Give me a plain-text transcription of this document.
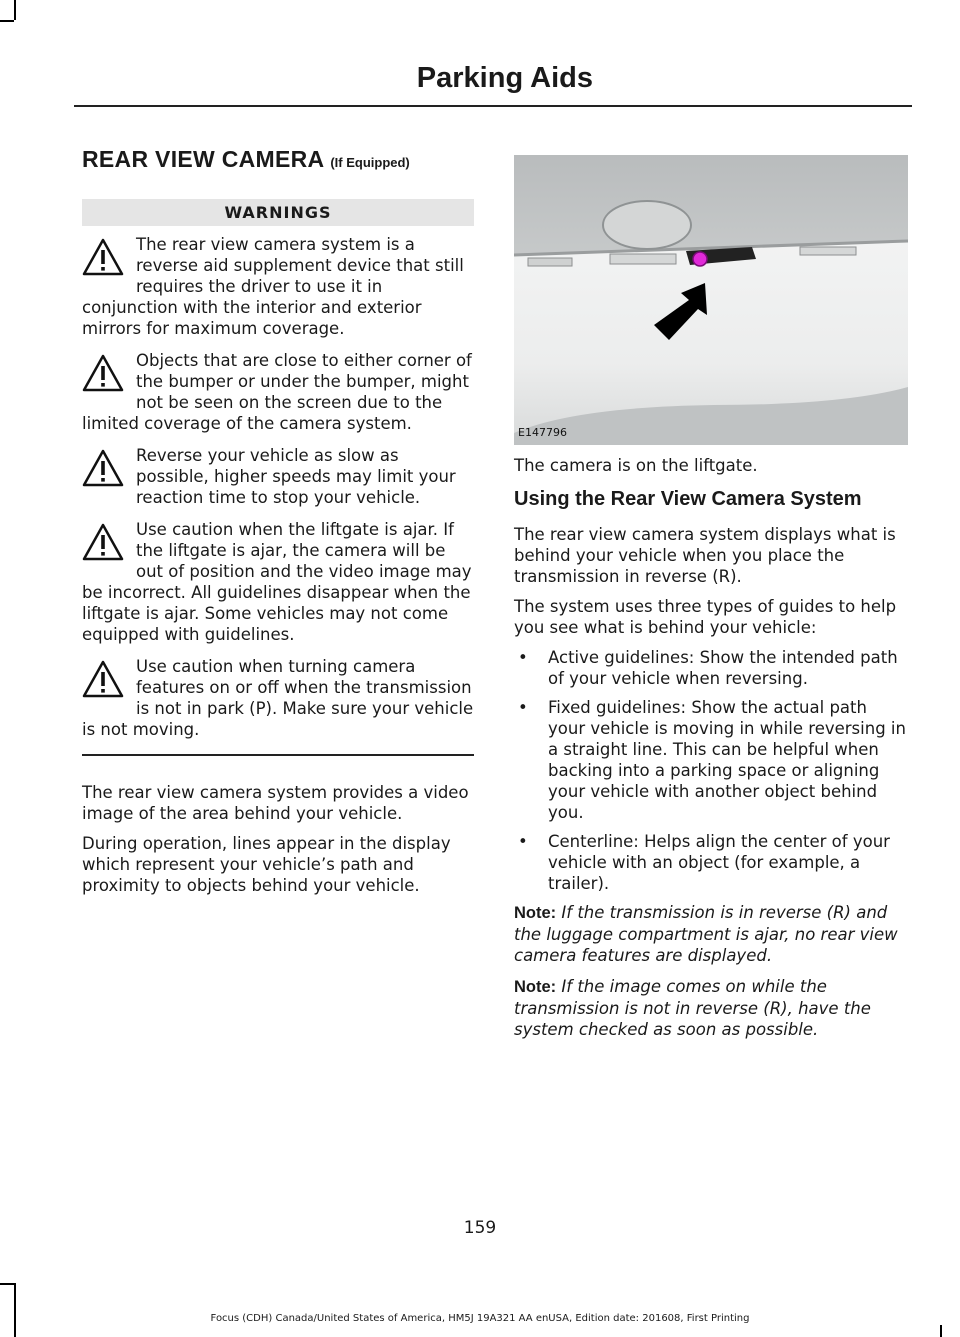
Parking Aids
REAR VIEW CAMERA (If Equipped)
WARNINGS
The rear view camera system is a reverse aid supplement device that still requires the driver to use it in conjunction with the interior and exterior mirrors for maximum coverage.
Objects that are close to either corner of the bumper or under the bumper, might not be seen on the screen due to the limited coverage of the camera system.
Reverse your vehicle as slow as possible, higher speeds may limit your reaction time to stop your vehicle.
Use caution when the liftgate is ajar. If the liftgate is ajar, the camera will be out of position and the video image may be incorrect. All guidelines disappear when the liftgate is ajar. Some vehicles may not come equipped with guidelines.
Use caution when turning camera features on or off when the transmission is not in park (P). Make sure your vehicle is not moving.

The rear view camera system provides a video image of the area behind your vehicle.

During operation, lines appear in the display which represent your vehicle’s path and proximity to objects behind your vehicle.

E147796

The camera is on the liftgate.

Using the Rear View Camera System

The rear view camera system displays what is behind your vehicle when you place the transmission in reverse (R).

The system uses three types of guides to help you see what is behind your vehicle:

• Active guidelines: Show the intended path of your vehicle when reversing.
• Fixed guidelines: Show the actual path your vehicle is moving in while reversing in a straight line. This can be helpful when backing into a parking space or aligning your vehicle with another object behind you.
• Centerline: Helps align the center of your vehicle with an object (for example, a trailer).

Note: If the transmission is in reverse (R) and the luggage compartment is ajar, no rear view camera features are displayed.

Note: If the image comes on while the transmission is not in reverse (R), have the system checked as soon as possible.

159
Focus (CDH) Canada/United States of America, HM5J 19A321 AA enUSA, Edition date: 201608, First Printing
